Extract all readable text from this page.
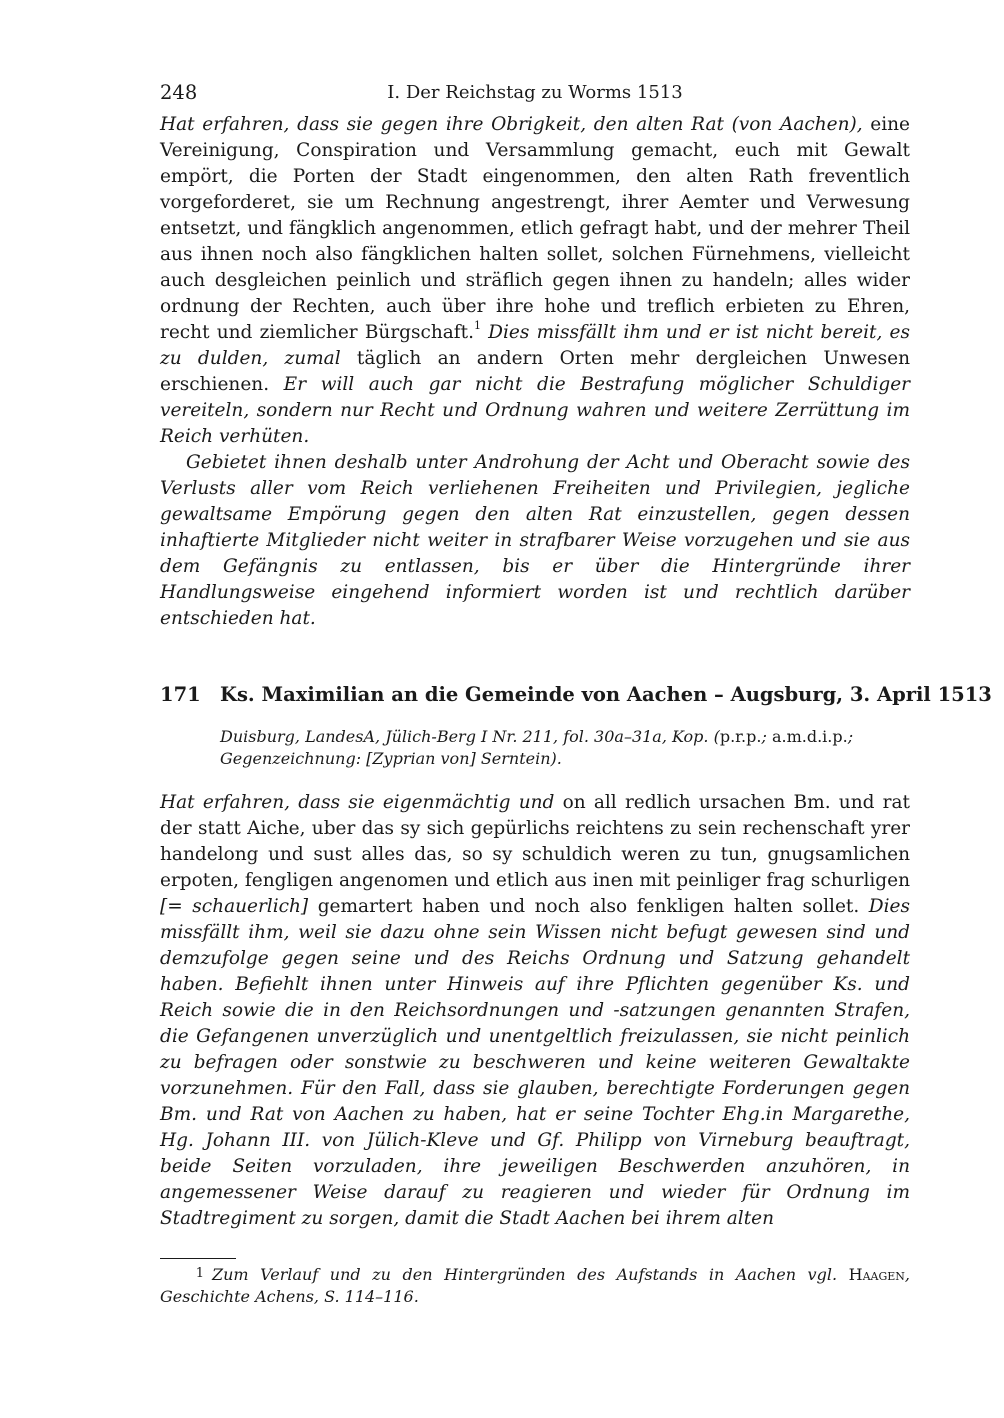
248	I. Der Reichstag zu Worms 1513

Hat erfahren, dass sie gegen ihre Obrigkeit, den alten Rat (von Aachen), eine Vereinigung, Conspiration und Versammlung gemacht, euch mit Gewalt empört, die Porten der Stadt eingenommen, den alten Rath freventlich vorgeforderet, sie um Rechnung angestrengt, ihrer Aemter und Verwesung entsetzt, und fängklich angenommen, etlich gefragt habt, und der mehrer Theil aus ihnen noch also fängklichen halten sollet, solchen Fürnehmens, vielleicht auch desgleichen peinlich und sträflich gegen ihnen zu handeln; alles wider ordnung der Rechten, auch über ihre hohe und treflich erbieten zu Ehren, recht und ziemlicher Bürgschaft.$^1$ Dies missfällt ihm und er ist nicht bereit, es zu dulden, zumal täglich an andern Orten mehr dergleichen Unwesen erschienen. Er will auch gar nicht die Bestrafung möglicher Schuldiger vereiteln, sondern nur Recht und Ordnung wahren und weitere Zerrüttung im Reich verhüten.

Gebietet ihnen deshalb unter Androhung der Acht und Oberacht sowie des Verlusts aller vom Reich verliehenen Freiheiten und Privilegien, jegliche gewaltsame Empörung gegen den alten Rat einzustellen, gegen dessen inhaftierte Mitglieder nicht weiter in strafbarer Weise vorzugehen und sie aus dem Gefängnis zu entlassen, bis er über die Hintergründe ihrer Handlungsweise eingehend informiert worden ist und rechtlich darüber entschieden hat.

171 Ks. Maximilian an die Gemeinde von Aachen – Augsburg, 3. April 1513
Duisburg, LandesA, Jülich-Berg I Nr. 211, fol. 30a–31a, Kop. (p.r.p.; a.m.d.i.p.; Gegenzeichnung: [Zyprian von] Serntein).

Hat erfahren, dass sie eigenmächtig und on all redlich ursachen Bm. und rat der statt Aiche, uber das sy sich gepürlichs reichtens zu sein rechenschaft yrer handelong und sust alles das, so sy schuldich weren zu tun, gnugsamlichen erpoten, fengligen angenomen und etlich aus inen mit peinliger frag schurligen [= schauerlich] gemartert haben und noch also fenkligen halten sollet. Dies missfällt ihm, weil sie dazu ohne sein Wissen nicht befugt gewesen sind und demzufolge gegen seine und des Reichs Ordnung und Satzung gehandelt haben. Befiehlt ihnen unter Hinweis auf ihre Pflichten gegenüber Ks. und Reich sowie die in den Reichsordnungen und -satzungen genannten Strafen, die Gefangenen unverzüglich und unentgeltlich freizulassen, sie nicht peinlich zu befragen oder sonstwie zu beschweren und keine weiteren Gewaltakte vorzunehmen. Für den Fall, dass sie glauben, berechtigte Forderungen gegen Bm. und Rat von Aachen zu haben, hat er seine Tochter Ehg.in Margarethe, Hg. Johann III. von Jülich-Kleve und Gf. Philipp von Virneburg beauftragt, beide Seiten vorzuladen, ihre jeweiligen Beschwerden anzuhören, in angemessener Weise darauf zu reagieren und wieder für Ordnung im Stadtregiment zu sorgen, damit die Stadt Aachen bei ihrem alten

1 Zum Verlauf und zu den Hintergründen des Aufstands in Aachen vgl. Haagen, Geschichte Achens, S. 114–116.
